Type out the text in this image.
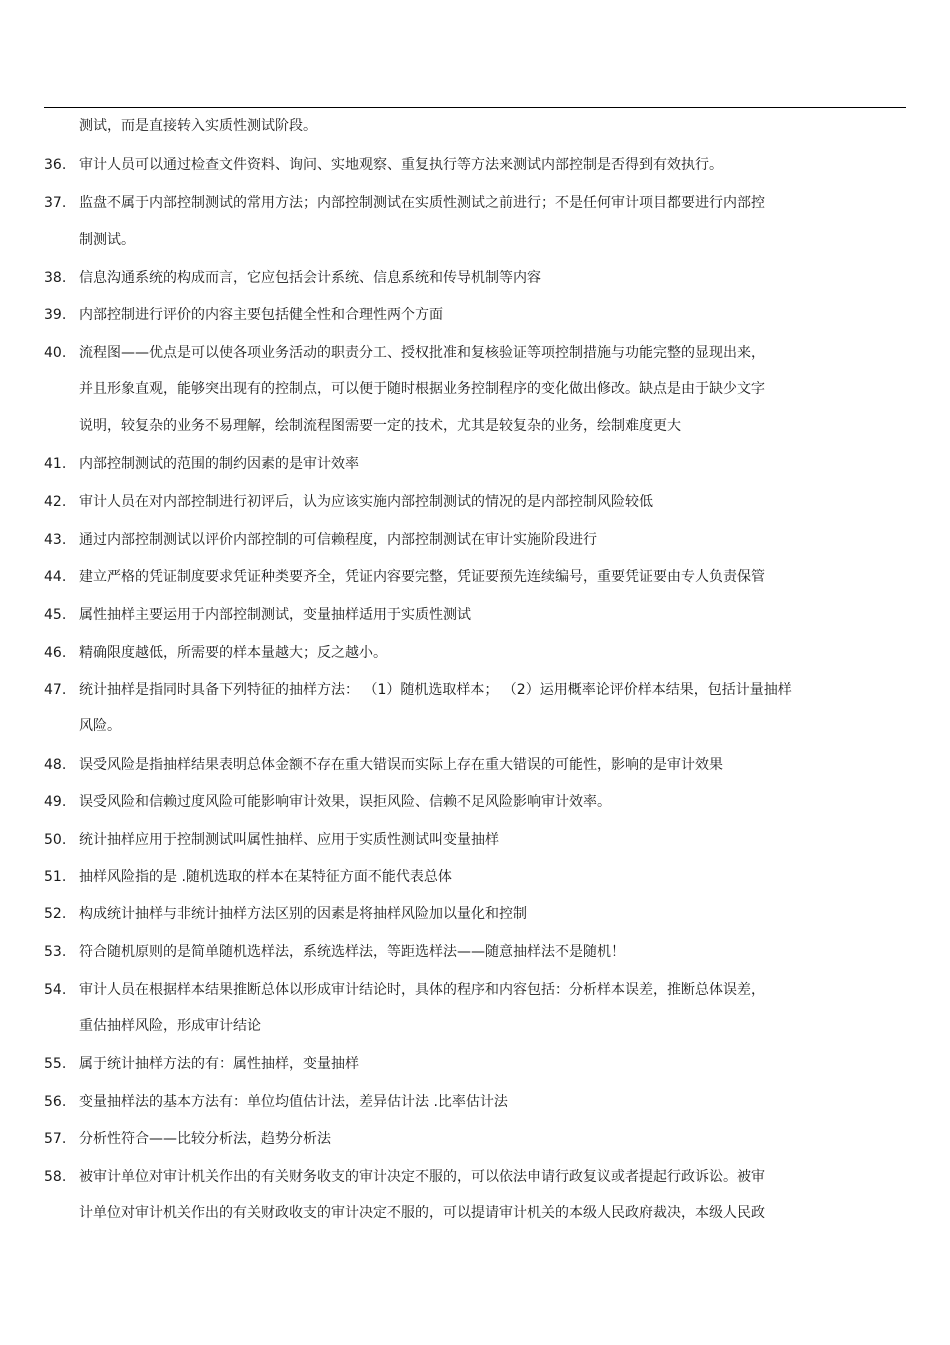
测试，而是直接转入实质性测试阶段。
36. 审计人员可以通过检查文件资料、询问、实地观察、重复执行等方法来测试内部控制是否得到有效执行。
37. 监盘不属于内部控制测试的常用方法；内部控制测试在实质性测试之前进行；不是任何审计项目都要进行内部控
制测试。
38. 信息沟通系统的构成而言，它应包括会计系统、信息系统和传导机制等内容
39. 内部控制进行评价的内容主要包括健全性和合理性两个方面
40. 流程图——优点是可以使各项业务活动的职责分工、授权批准和复核验证等项控制措施与功能完整的显现出来，
并且形象直观，能够突出现有的控制点，可以便于随时根据业务控制程序的变化做出修改。缺点是由于缺少文字
说明，较复杂的业务不易理解，绘制流程图需要一定的技术，尤其是较复杂的业务，绘制难度更大
41. 内部控制测试的范围的制约因素的是审计效率
42. 审计人员在对内部控制进行初评后，认为应该实施内部控制测试的情况的是内部控制风险较低
43. 通过内部控制测试以评价内部控制的可信赖程度，内部控制测试在审计实施阶段进行
44. 建立严格的凭证制度要求凭证种类要齐全，凭证内容要完整，凭证要预先连续编号，重要凭证要由专人负责保管
45. 属性抽样主要运用于内部控制测试，变量抽样适用于实质性测试
46. 精确限度越低，所需要的样本量越大；反之越小。
47. 统计抽样是指同时具备下列特征的抽样方法： （1）随机选取样本； （2）运用概率论评价样本结果，包括计量抽样
风险。
48. 误受风险是指抽样结果表明总体金额不存在重大错误而实际上存在重大错误的可能性，影响的是审计效果
49. 误受风险和信赖过度风险可能影响审计效果，误拒风险、信赖不足风险影响审计效率。
50. 统计抽样应用于控制测试叫属性抽样、应用于实质性测试叫变量抽样
51. 抽样风险指的是 .随机选取的样本在某特征方面不能代表总体
52. 构成统计抽样与非统计抽样方法区别的因素是将抽样风险加以量化和控制
53. 符合随机原则的是简单随机选样法，系统选样法，等距选样法——随意抽样法不是随机！
54. 审计人员在根据样本结果推断总体以形成审计结论时，具体的程序和内容包括：分析样本误差，推断总体误差，
重估抽样风险，形成审计结论
55. 属于统计抽样方法的有：属性抽样，变量抽样
56. 变量抽样法的基本方法有：单位均值估计法，差异估计法 .比率估计法
57. 分析性符合——比较分析法，趋势分析法
58. 被审计单位对审计机关作出的有关财务收支的审计决定不服的，可以依法申请行政复议或者提起行政诉讼。被审
计单位对审计机关作出的有关财政收支的审计决定不服的，可以提请审计机关的本级人民政府裁决，本级人民政
